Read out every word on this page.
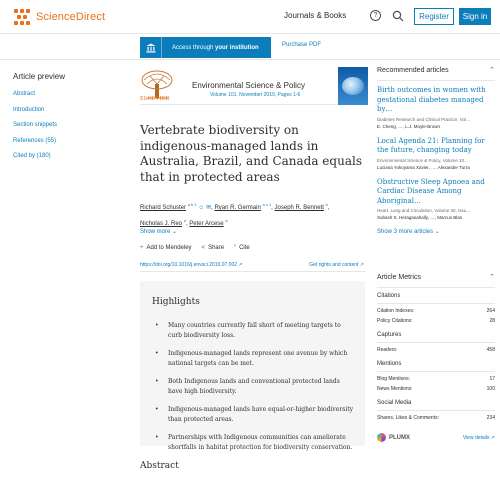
ScienceDirect	Journals & Books	?	Register	Sign in
Access through your institution	Purchase PDF
Article preview
Abstract
Introduction
Section snippets
References (55)
Cited by (180)
ELSEVIER
Environmental Science & Policy
Volume 101, November 2019, Pages 1-6
Vertebrate biodiversity on indigenous-managed lands in Australia, Brazil, and Canada equals that in protected areas
Richard Schuster $^{a b 1}$ ☺ ✉, Ryan R. Germain $^{a c 1}$, Joseph R. Bennett $^b$,
Nicholas J. Reo $^d$, Peter Arcese $^a$
Show more ⌄
+ Add to Mendeley < Share “ Cite
https://doi.org/10.1016/j.envsci.2019.07.002 ↗	Get rights and content ↗
Highlights
• Many countries currently fall short of meeting targets to curb biodiversity loss.
• Indigenous-managed lands represent one avenue by which national targets can be met.
• Both Indigenous lands and conventional protected lands have high biodiversity.
• Indigenous-managed lands have equal-or-higher biodiversity than protected areas.
• Partnerships with Indigenous communities can ameliorate shortfalls in habitat protection for biodiversity conservation.
Abstract
Recommended articles	⌃
Birth outcomes in women with gestational diabetes managed by…
Diabetes Research and Clinical Practice, Vol…
E. Cheng, …, L.J. Moyle-Brown
Local Agenda 21: Planning for the future, changing today
Environmental Science & Policy, Volume 10…
Luciana Yokoyama Xavier, …, Alexander Turra
Obstructive Sleep Apnoea and Cardiac Disease Among Aboriginal…
Heart, Lung and Circulation, Volume 30, Issu…
Subash S. Heraganahally, …, Marcus Blan
Show 3 more articles ⌄
Article Metrics	⌃
Citations
Citation Indexes:	264
Policy Citations:	28
Captures
Readers:	458
Mentions
Blog Mentions:	17
News Mentions:	100
Social Media
Shares, Likes & Comments:	234
PLUMX	View details ↗
